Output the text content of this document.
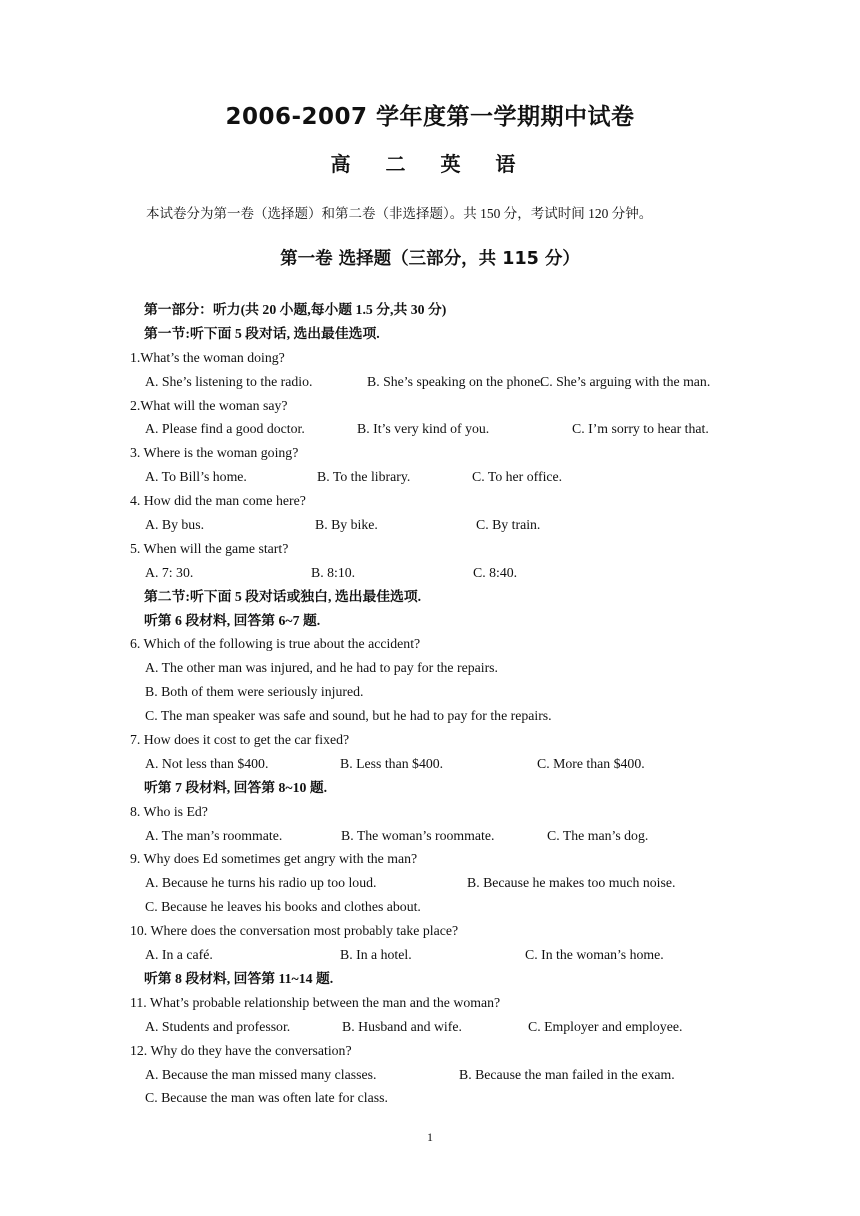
2006-2007 学年度第一学期期中试卷
高 二 英 语
本试卷分为第一卷（选择题）和第二卷（非选择题）。共 150 分，考试时间 120 分钟。
第一卷 选择题（三部分，共 115 分）
第一部分：听力(共 20 小题,每小题 1.5 分,共 30 分)
第一节:听下面 5 段对话, 选出最佳选项.
1.What’s the woman doing?
A. She’s listening to the radio.	B. She’s speaking on the phone.
C. She’s arguing with the man.
2.What will the woman say?
A. Please find a good doctor.	B. It’s very kind of you.	C. I’m sorry to hear that.
3. Where is the woman going?
A. To Bill’s home.	B. To the library.	C. To her office.
4. How did the man come here?
A. By bus.	B. By bike.	C. By train.
5. When will the game start?
A. 7: 30.	B. 8:10.	C. 8:40.
第二节:听下面 5 段对话或独白, 选出最佳选项.
听第 6 段材料, 回答第 6~7 题.
6. Which of the following is true about the accident?
A. The other man was injured, and he had to pay for the repairs.
B. Both of them were seriously injured.
C. The man speaker was safe and sound, but he had to pay for the repairs.
7. How does it cost to get the car fixed?
A. Not less than $400.	B. Less than $400.	C. More than $400.
听第 7 段材料, 回答第 8~10 题.
8. Who is Ed?
A. The man’s roommate.	B. The woman’s roommate.	C. The man’s dog.
9. Why does Ed sometimes get angry with the man?
A. Because he turns his radio up too loud.	B. Because he makes too much noise.
C. Because he leaves his books and clothes about.
10. Where does the conversation most probably take place?
A. In a café.	B. In a hotel.	C. In the woman’s home.
听第 8 段材料, 回答第 11~14 题.
11. What’s probable relationship between the man and the woman?
A. Students and professor.	B. Husband and wife.	C. Employer and employee.
12. Why do they have the conversation?
A. Because the man missed many classes.	B. Because the man failed in the exam.
C. Because the man was often late for class.
1
